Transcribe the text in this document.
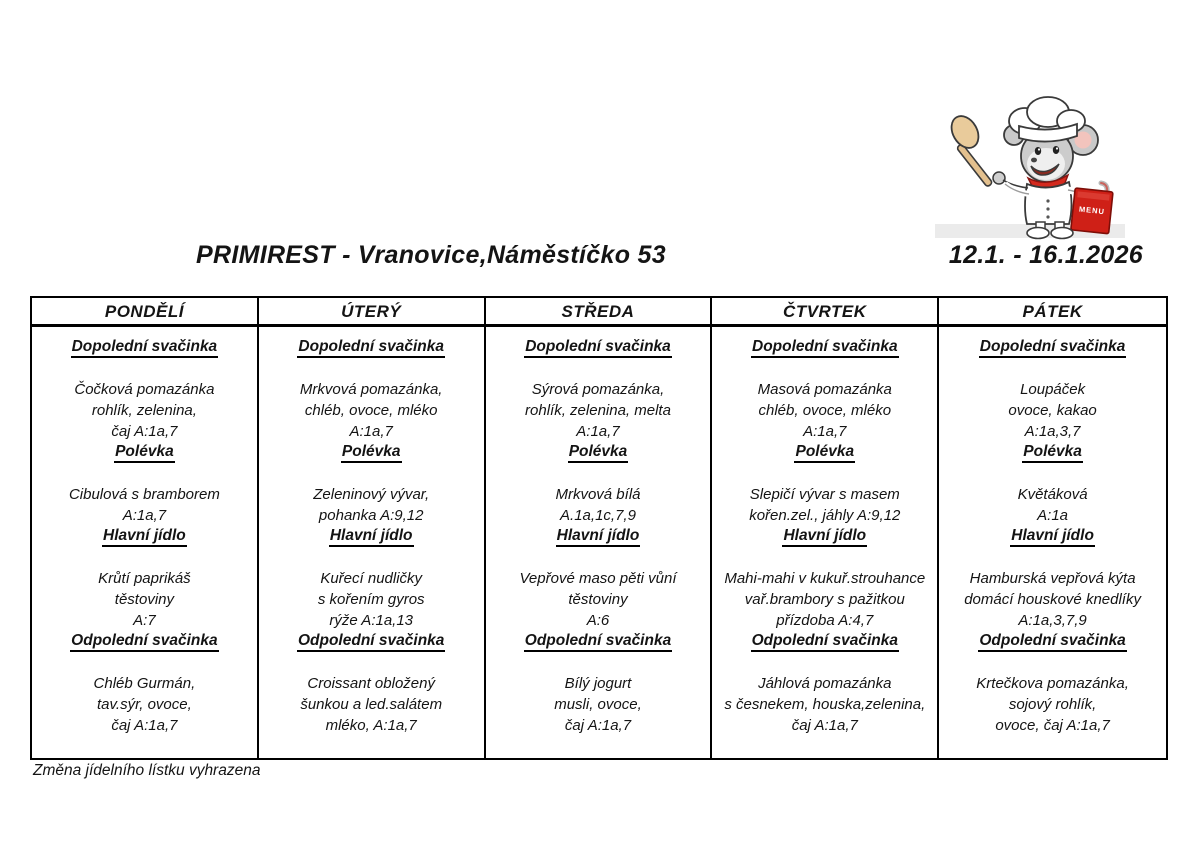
MENU
PRIMIREST - Vranovice,Náměstíčko 53	12.1. - 16.1.2026
PONDĚLÍ
Dopolední svačinka
Čočková pomazánka
rohlík, zelenina,
čaj A:1a,7
Polévka
Cibulová s bramborem
A:1a,7
Hlavní jídlo
Krůtí paprikáš
těstoviny
A:7
Odpolední svačinka
Chléb Gurmán,
tav.sýr, ovoce,
čaj A:1a,7
ÚTERÝ
Dopolední svačinka
Mrkvová pomazánka,
chléb, ovoce, mléko
A:1a,7
Polévka
Zeleninový vývar,
pohanka A:9,12
Hlavní jídlo
Kuřecí nudličky
s kořením gyros
rýže A:1a,13
Odpolední svačinka
Croissant obložený
šunkou a led.salátem
mléko, A:1a,7
STŘEDA
Dopolední svačinka
Sýrová pomazánka,
rohlík, zelenina, melta
A:1a,7
Polévka
Mrkvová bílá
A.1a,1c,7,9
Hlavní jídlo
Vepřové maso pěti vůní
těstoviny
A:6
Odpolední svačinka
Bílý jogurt
musli, ovoce,
čaj A:1a,7
ČTVRTEK
Dopolední svačinka
Masová pomazánka
chléb, ovoce, mléko
A:1a,7
Polévka
Slepičí vývar s masem
kořen.zel., jáhly A:9,12
Hlavní jídlo
Mahi-mahi v kukuř.strouhance
vař.brambory s pažitkou
přízdoba A:4,7
Odpolední svačinka
Jáhlová pomazánka
s česnekem, houska,zelenina,
čaj A:1a,7
PÁTEK
Dopolední svačinka
Loupáček
ovoce, kakao
A:1a,3,7
Polévka
Květáková
A:1a
Hlavní jídlo
Hamburská vepřová kýta
domácí houskové knedlíky
A:1a,3,7,9
Odpolední svačinka
Krtečkova pomazánka,
sojový rohlík,
ovoce, čaj A:1a,7
Změna jídelního lístku vyhrazena
